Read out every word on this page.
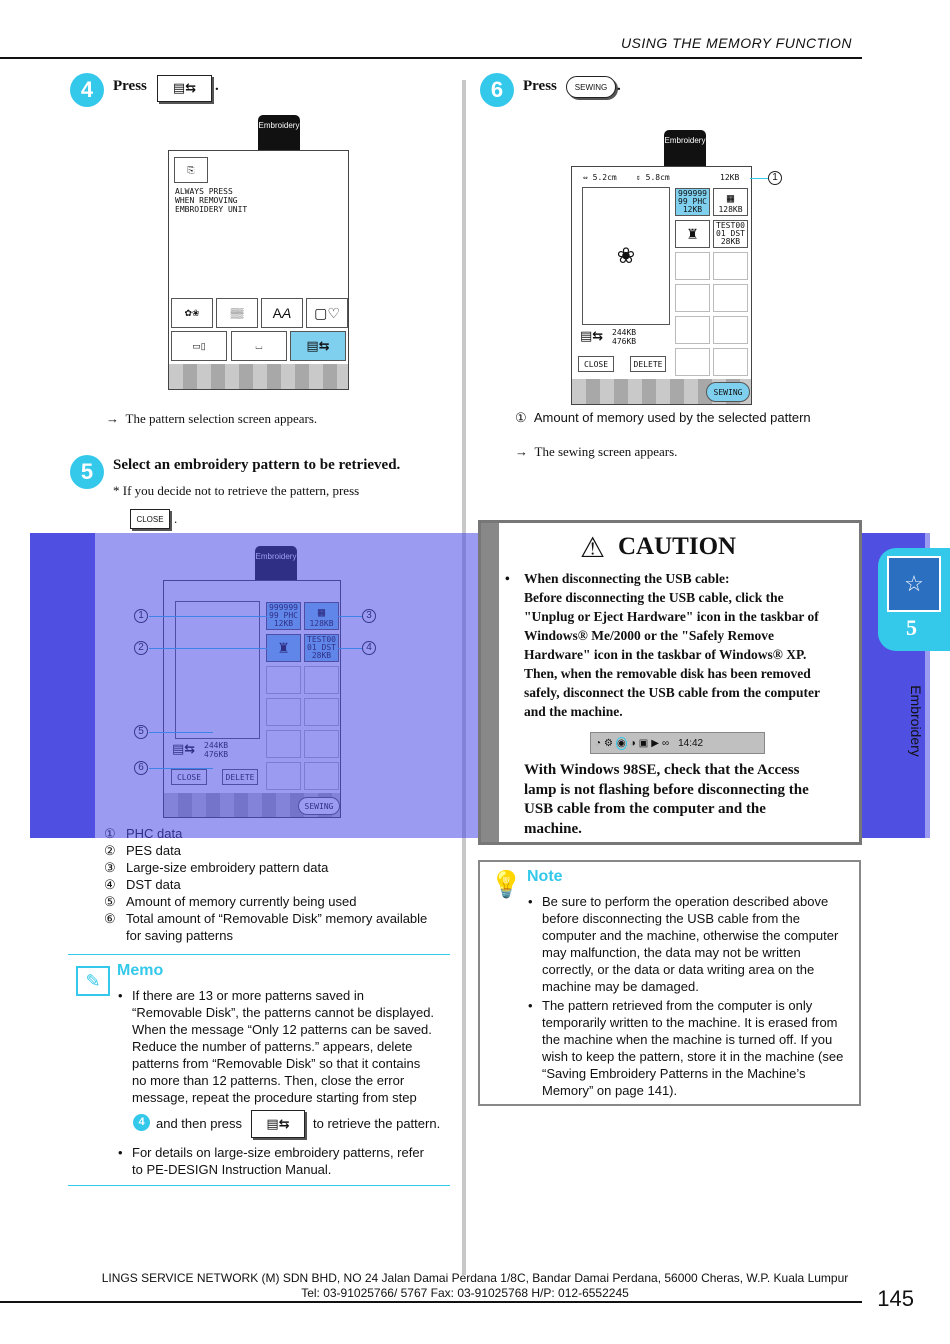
USING THE MEMORY FUNCTION
4	Press ▤⇆ .
Embroidery
⎘
ALWAYS PRESS
WHEN REMOVING
EMBROIDERY UNIT
✿❀	▒▒	A A	▢♡
▭▯	⌴	▤⇆
→ The pattern selection screen appears.
5	Select an embroidery pattern to be retrieved.
* If you decide not to retrieve the pattern, press
CLOSE .
② PES data
③ Large-size embroidery pattern data
④ DST data
⑤ Amount of memory currently being used
⑥ Total amount of “Removable Disk” memory available
for saving patterns
✎
Memo
• If there are 13 or more patterns saved in
“Removable Disk”, the patterns cannot be displayed.
When the message “Only 12 patterns can be saved.
Reduce the number of patterns.” appears, delete
patterns from “Removable Disk” so that it contains
no more than 12 patterns. Then, close the error
message, repeat the procedure starting from step
4 and then press ▤⇆ to retrieve the pattern.
• For details on large-size embroidery patterns, refer
to PE-DESIGN Instruction Manual.
6	Press	SEWING .
Embroidery
⇔ 5.2cm ⇕ 5.8cm	12KB
❀
999999
99 PHC
12KB
▦
128KB
♜	TEST00
01 DST
28KB
▤⇆ 244KB
476KB
CLOSE	DELETE
SEWING
1
① Amount of memory used by the selected pattern
→ The sewing screen appears.
⚠ CAUTION
• When disconnecting the USB cable:
Before disconnecting the USB cable, click the
"Unplug or Eject Hardware" icon in the taskbar of
Windows® Me/2000 or the "Safely Remove
Hardware" icon in the taskbar of Windows® XP.
Then, when the removable disk has been removed
safely, disconnect the USB cable from the computer
and the machine.
◔ ⚙ ◉ ◑ ▣ ▶ ∞ 14:42
With Windows 98SE, check that the Access
lamp is not flashing before disconnecting the
USB cable from the computer and the
machine.
💡 Note
• Be sure to perform the operation described above
before disconnecting the USB cable from the
computer and the machine, otherwise the computer
may malfunction, the data may not be written
correctly, or the data or data writing area on the
machine may be damaged.
• The pattern retrieved from the computer is only
temporarily written to the machine. It is erased from
the machine when the machine is turned off. If you
wish to keep the pattern, store it in the machine (see
“Saving Embroidery Patterns in the Machine’s
Memory” on page 141).
☆
5
Embroidery
LINGS SERVICE NETWORK (M) SDN BHD, NO 24 Jalan Damai Perdana 1/8C, Bandar Damai Perdana, 56000 Cheras, W.P. Kuala Lumpur
Tel: 03-91025766/ 5767 Fax: 03-91025768 H/P: 012-6552245	145
